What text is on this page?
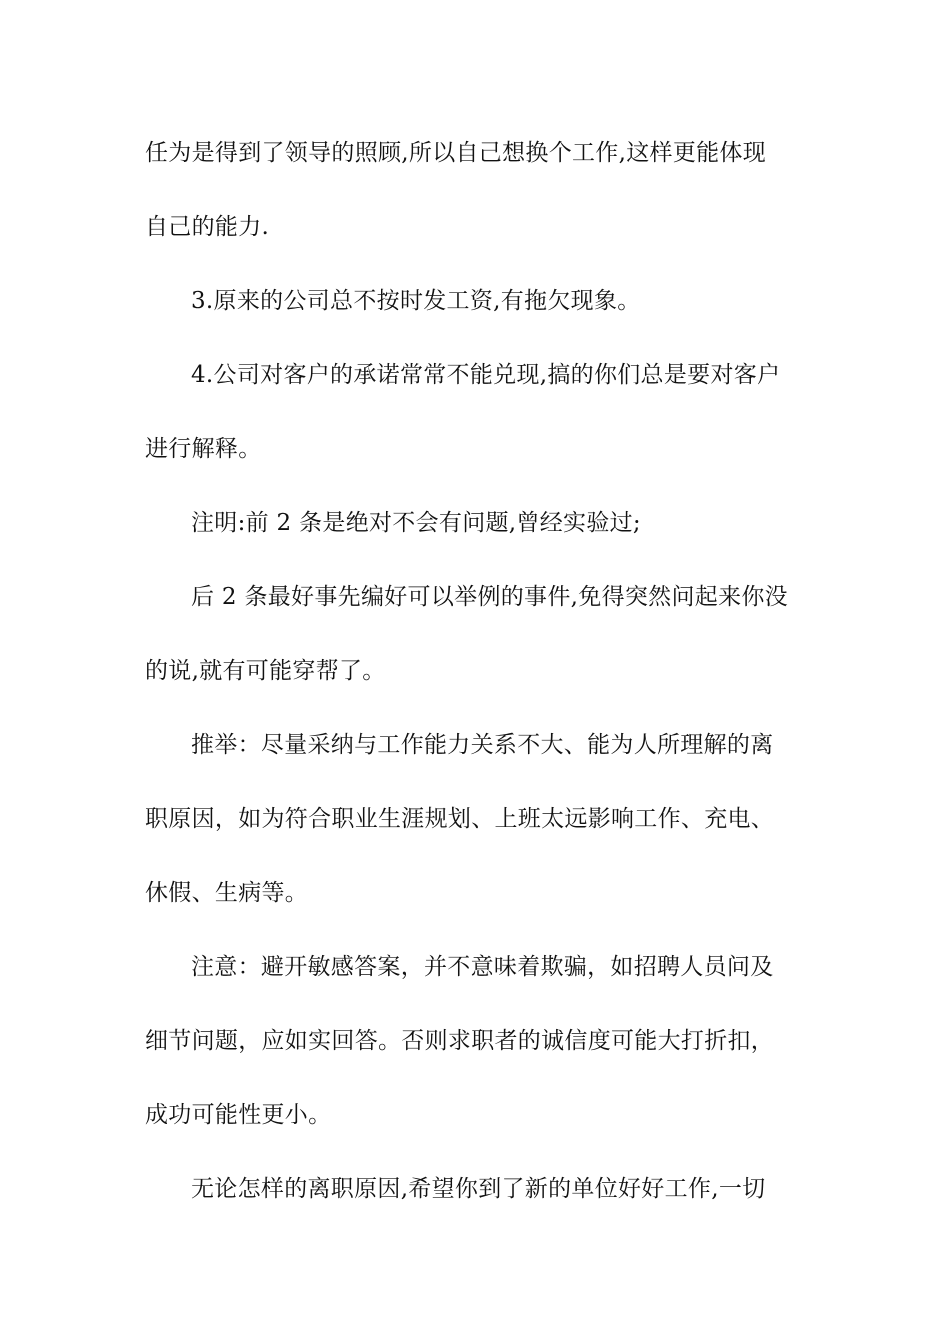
任为是得到了领导的照顾,所以自己想换个工作,这样更能体现
自己的能力.
3.原来的公司总不按时发工资,有拖欠现象。
4.公司对客户的承诺常常不能兑现,搞的你们总是要对客户
进行解释。
注明:前 2 条是绝对不会有问题,曾经实验过;
后 2 条最好事先编好可以举例的事件,免得突然问起来你没
的说,就有可能穿帮了。
推举：尽量采纳与工作能力关系不大、能为人所理解的离
职原因，如为符合职业生涯规划、上班太远影响工作、充电、
休假、生病等。
注意：避开敏感答案，并不意味着欺骗，如招聘人员问及
细节问题，应如实回答。否则求职者的诚信度可能大打折扣，
成功可能性更小。
无论怎样的离职原因,希望你到了新的单位好好工作,一切
